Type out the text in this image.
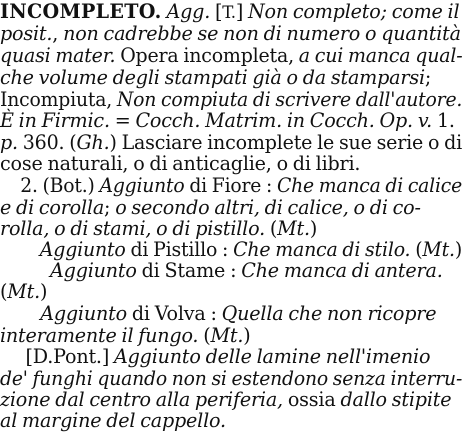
INCOMPLETO. Agg. [T.] Non completo; come il
posit., non cadrebbe se non di numero o quantità
quasi mater. Opera incompleta, a cui manca qual-
che volume degli stampati già o da stamparsi;
Incompiuta, Non compiuta di scrivere dall'autore.
È in Firmic. = Cocch. Matrim. in Cocch. Op. v. 1.
p. 360. (Gh.) Lasciare incomplete le sue serie o di
cose naturali, o di anticaglie, o di libri.
2. (Bot.) Aggiunto di Fiore : Che manca di calice
e di corolla; o secondo altri, di calice, o di co-
rolla, o di stami, o di pistillo. (Mt.)
Aggiunto di Pistillo : Che manca di stilo. (Mt.)
Aggiunto di Stame : Che manca di antera.
(Mt.)
Aggiunto di Volva : Quella che non ricopre
interamente il fungo. (Mt.)
[D.Pont.] Aggiunto delle lamine nell'imenio
de' funghi quando non si estendono senza interru-
zione dal centro alla periferia, ossia dallo stipite
al margine del cappello.
